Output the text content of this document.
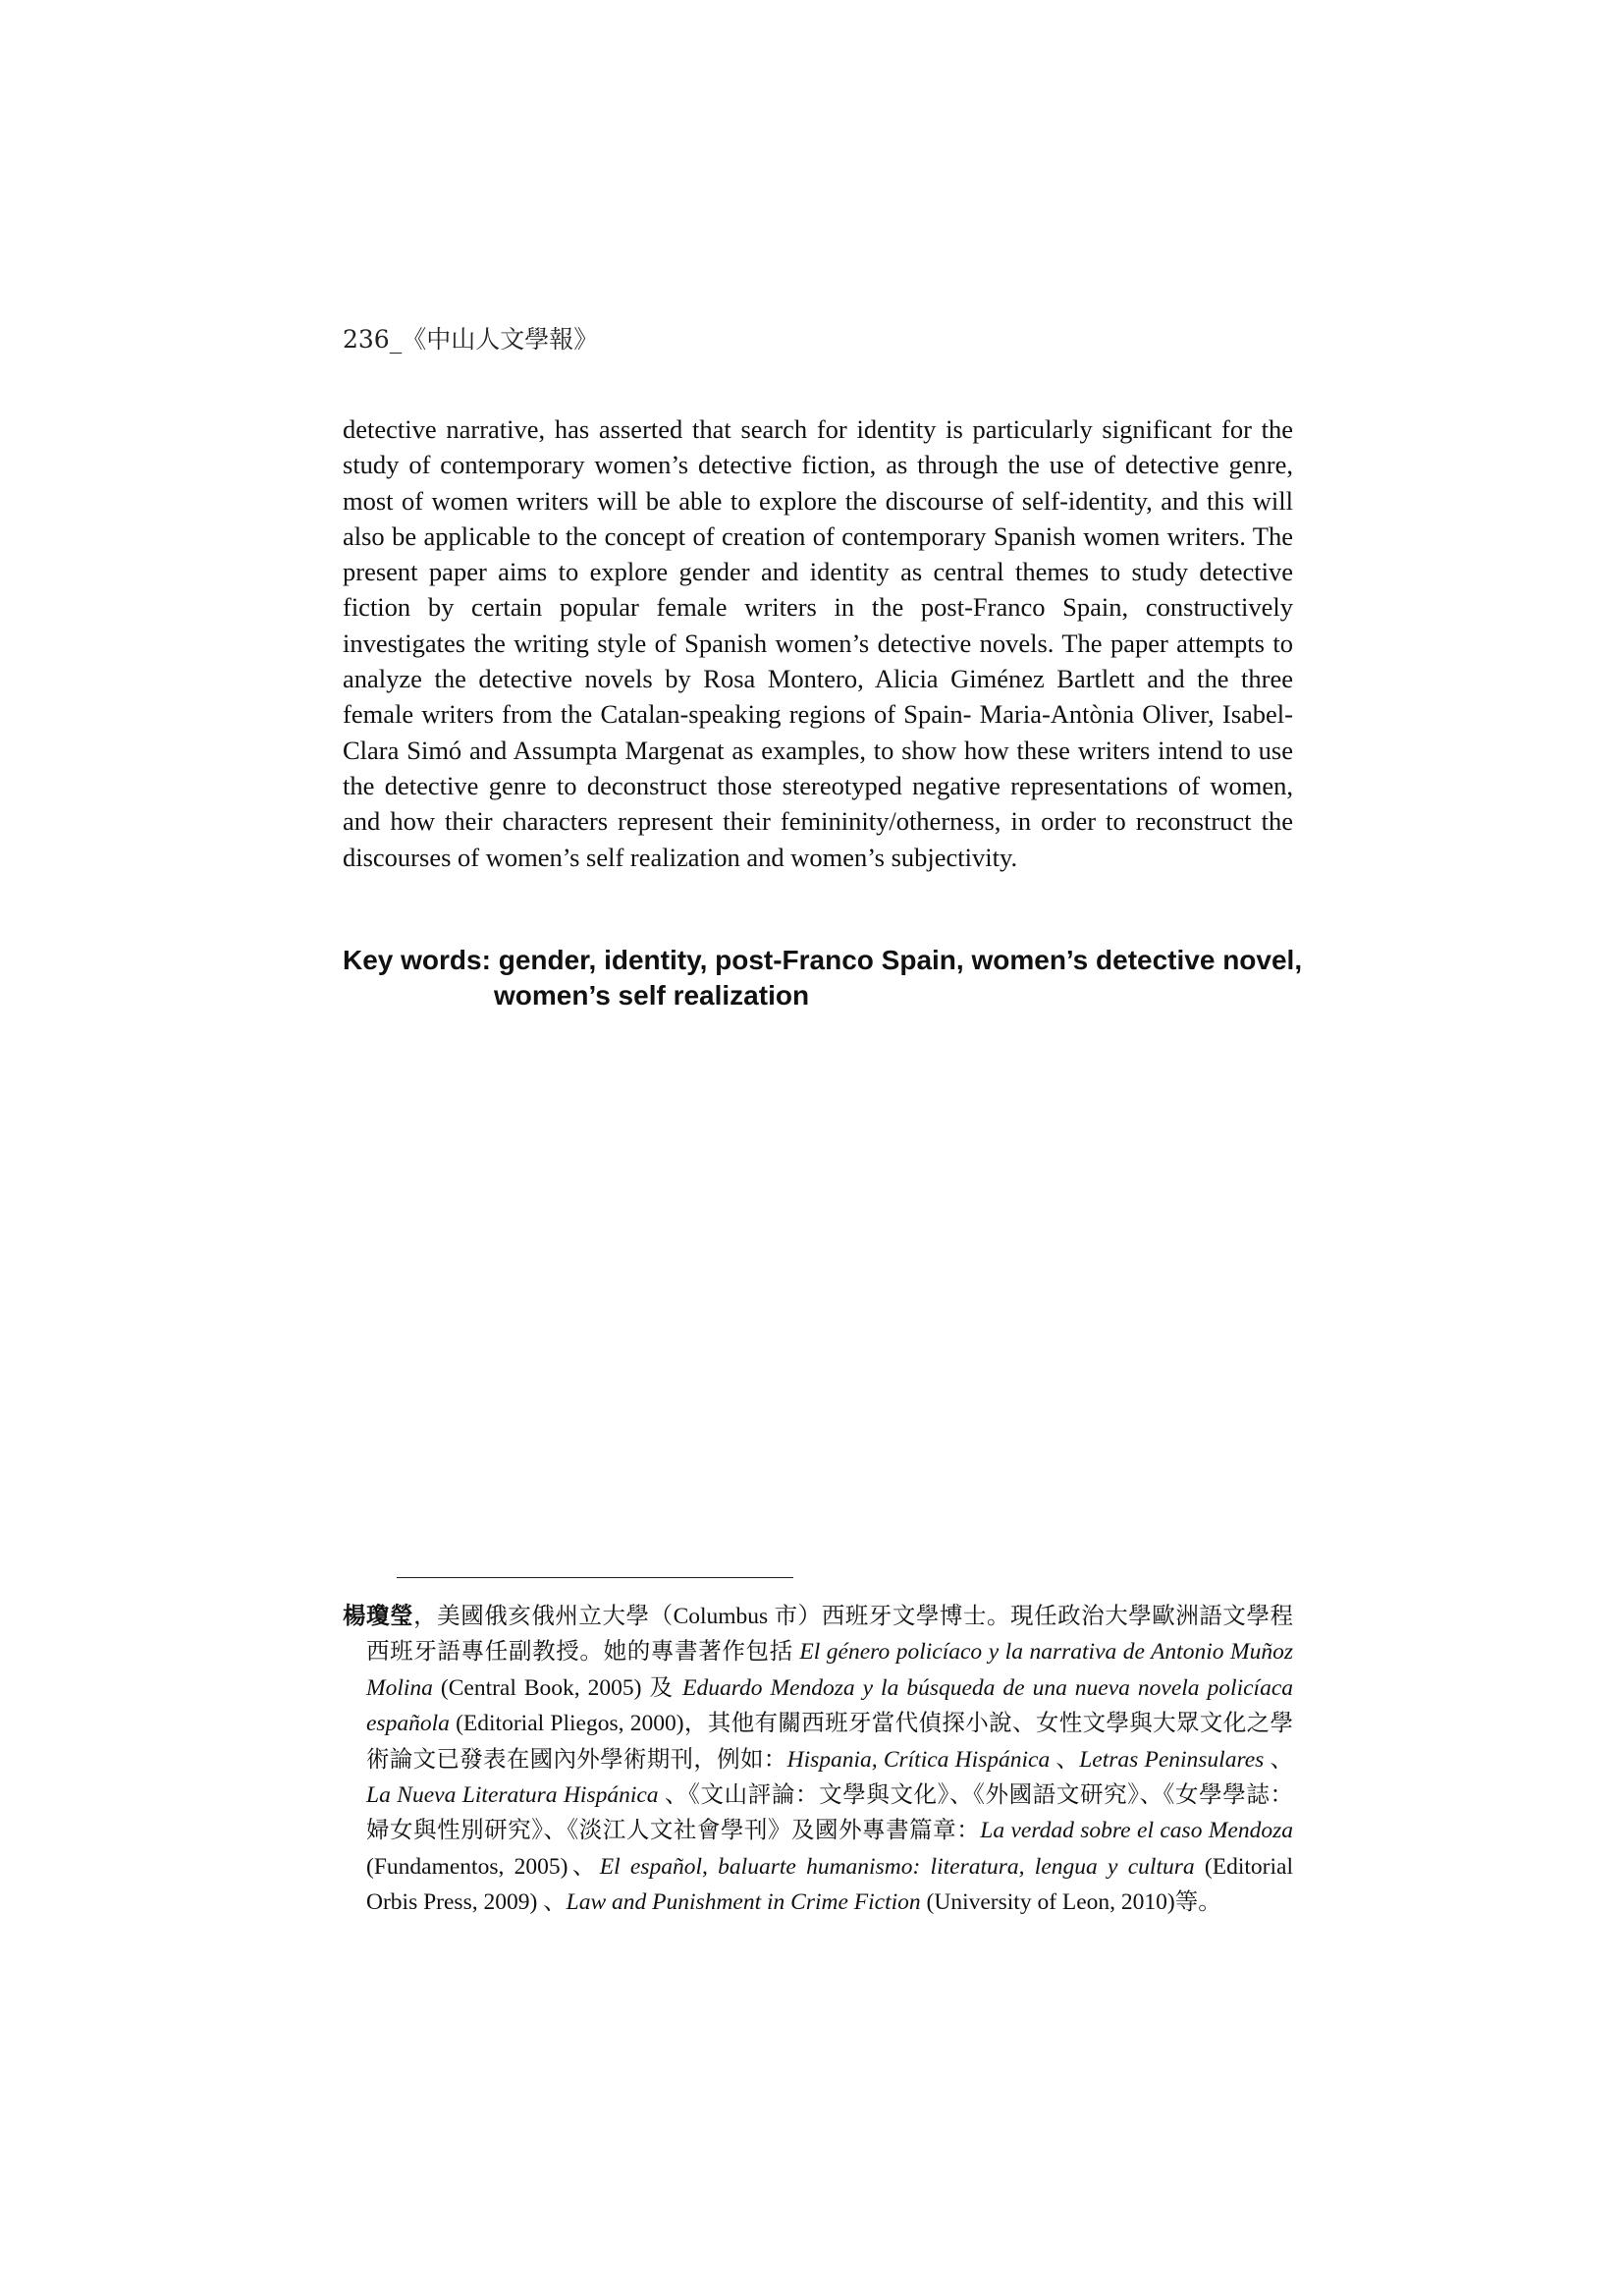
236_《中山人文學報》

detective narrative, has asserted that search for identity is particularly significant for the study of contemporary women’s detective fiction, as through the use of detective genre, most of women writers will be able to explore the discourse of self-identity, and this will also be applicable to the concept of creation of contemporary Spanish women writers. The present paper aims to explore gender and identity as central themes to study detective fiction by certain popular female writers in the post-Franco Spain, constructively investigates the writing style of Spanish women’s detective novels. The paper attempts to analyze the detective novels by Rosa Montero, Alicia Giménez Bartlett and the three female writers from the Catalan-speaking regions of Spain- Maria-Antònia Oliver, Isabel-Clara Simó and Assumpta Margenat as examples, to show how these writers intend to use the detective genre to deconstruct those stereotyped negative representations of women, and how their characters represent their femininity/otherness, in order to reconstruct the discourses of women’s self realization and women’s subjectivity.

Key words: gender, identity, post-Franco Spain, women’s detective novel,
women’s self realization

楊瓊瑩，美國俄亥俄州立大學（Columbus 市）西班牙文學博士。現任政治大學歐洲語文學程西班牙語專任副教授。她的專書著作包括 El género policíaco y la narrativa de Antonio Muñoz Molina (Central Book, 2005) 及 Eduardo Mendoza y la búsqueda de una nueva novela policíaca española (Editorial Pliegos, 2000)，其他有關西班牙當代偵探小說、女性文學與大眾文化之學術論文已發表在國內外學術期刊，例如：Hispania, Crítica Hispánica 、Letras Peninsulares 、La Nueva Literatura Hispánica 、《文山評論：文學與文化》、《外國語文研究》、《女學學誌：婦女與性別研究》、《淡江人文社會學刊》及國外專書篇章：La verdad sobre el caso Mendoza (Fundamentos, 2005)、El español, baluarte humanismo: literatura, lengua y cultura (Editorial Orbis Press, 2009) 、Law and Punishment in Crime Fiction (University of Leon, 2010)等。
